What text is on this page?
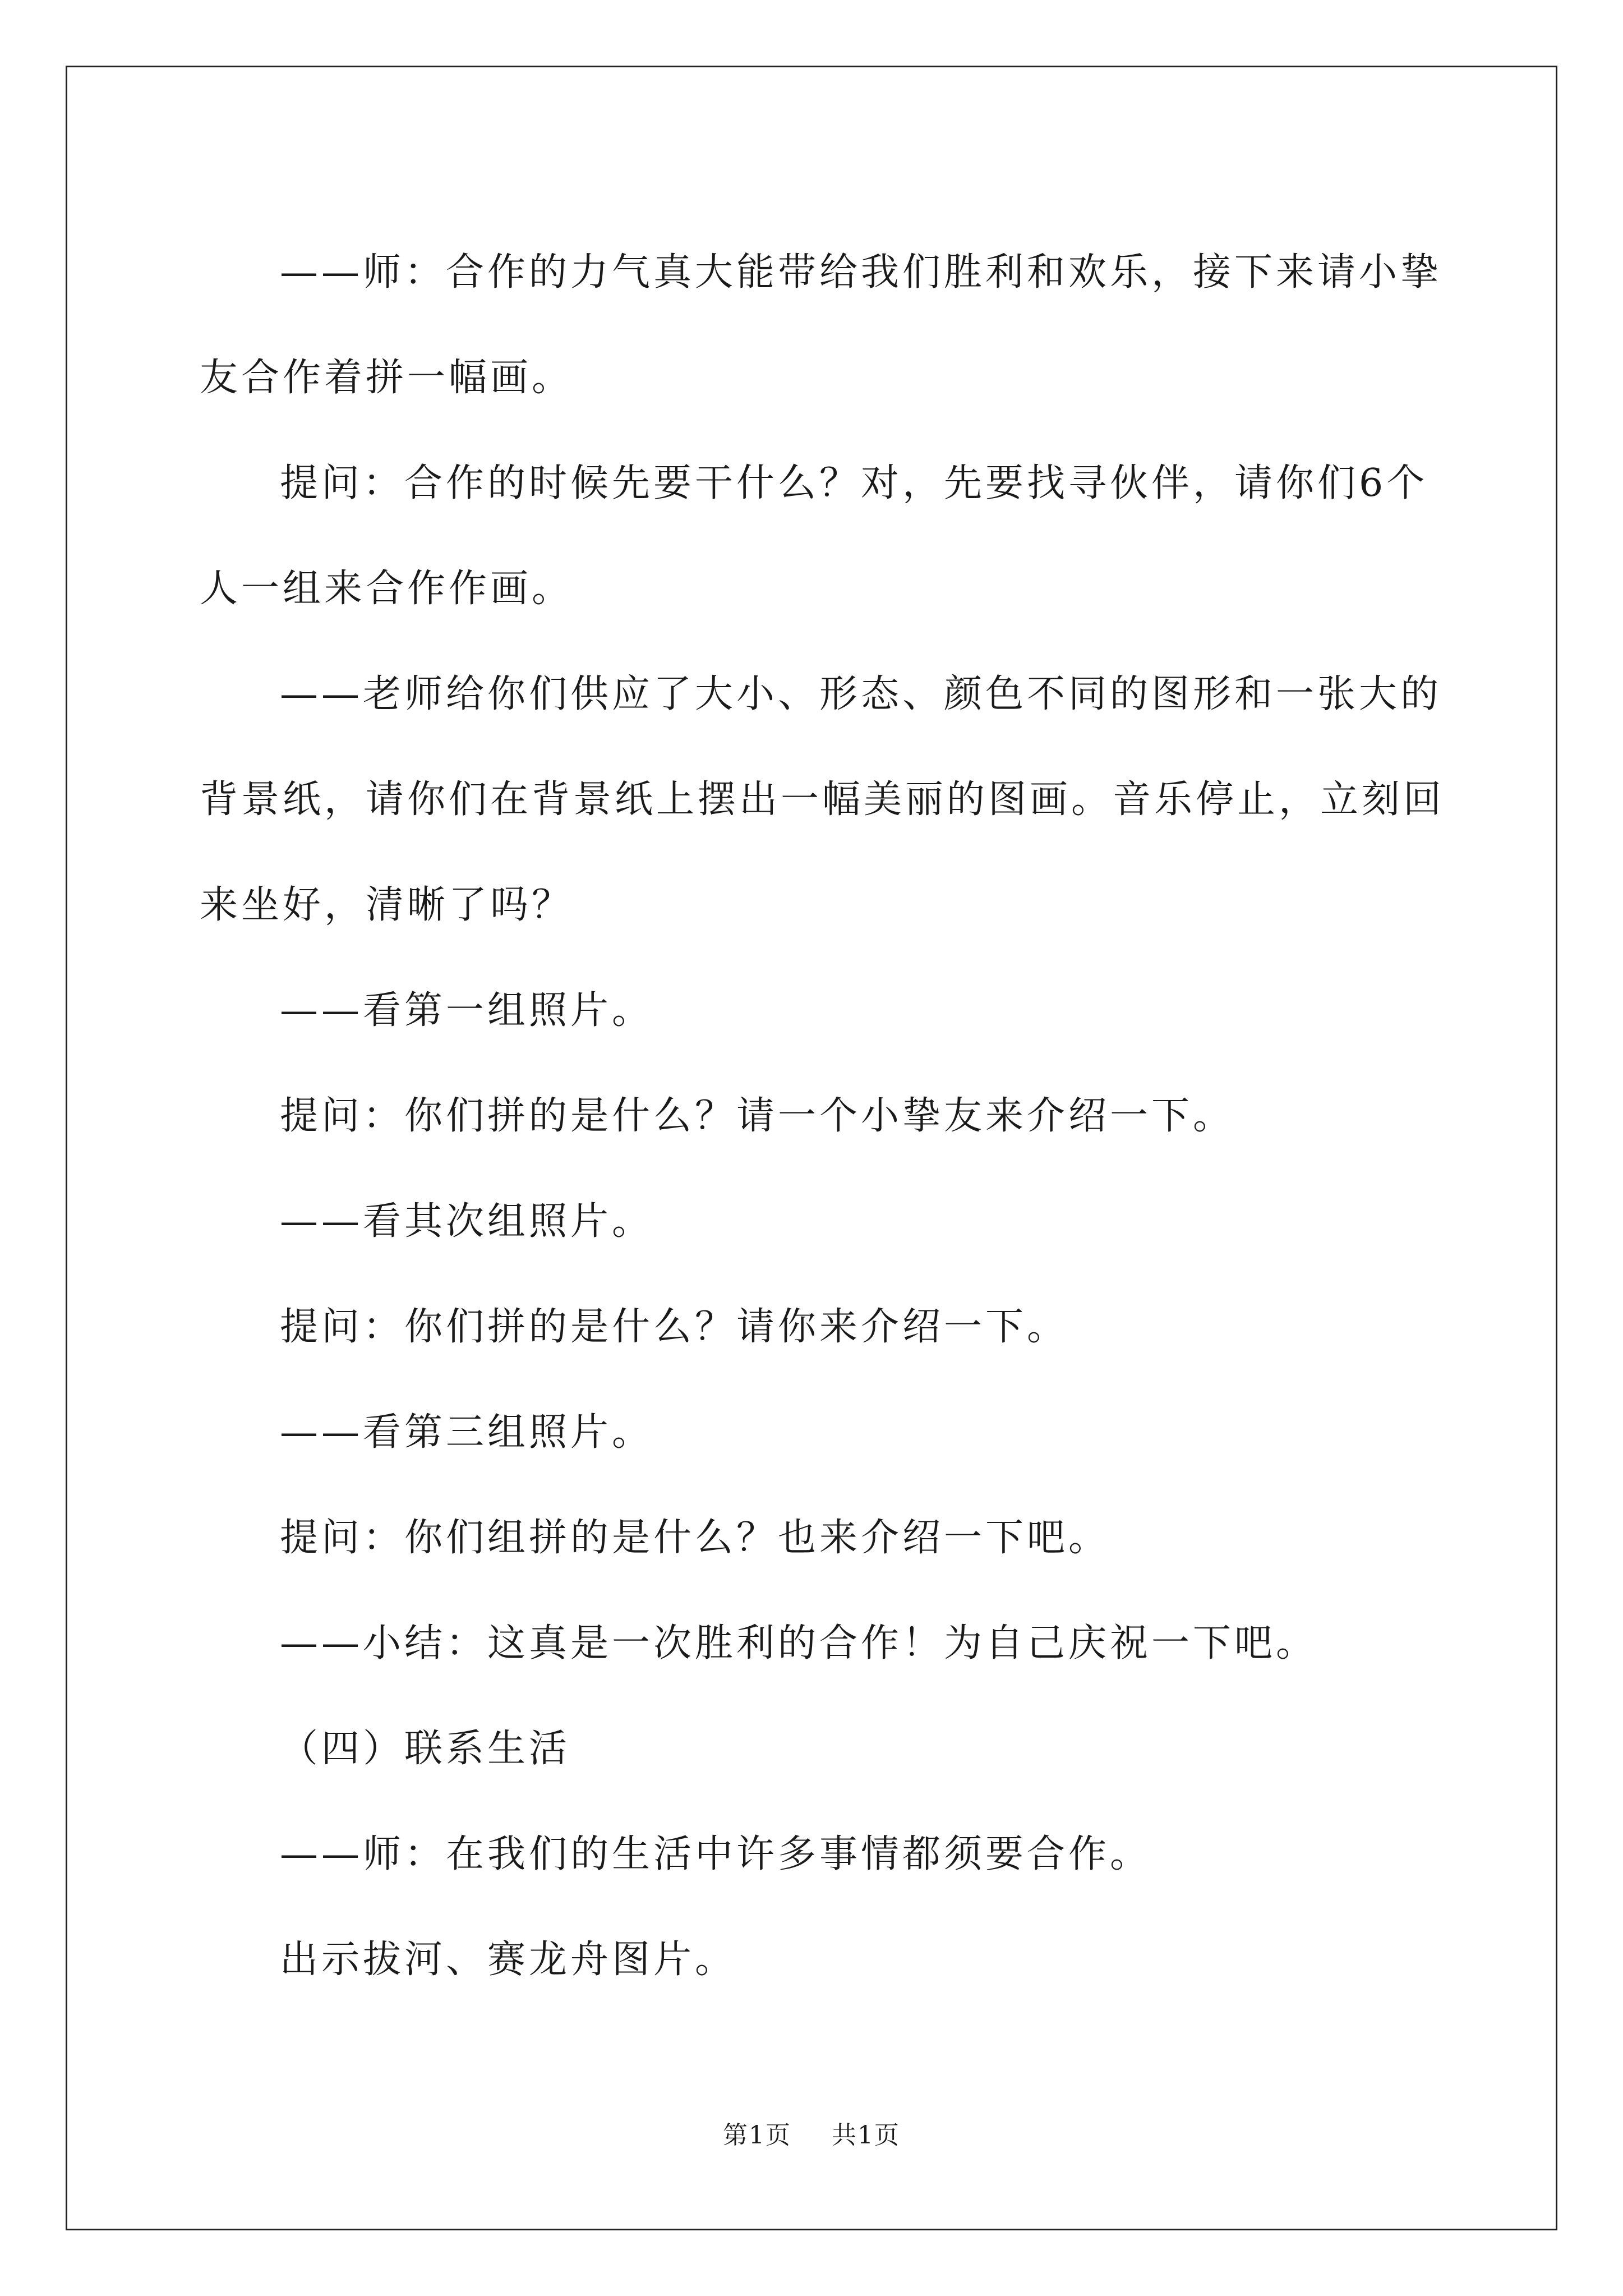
——师：合作的力气真大能带给我们胜利和欢乐，接下来请小挚

友合作着拼一幅画。

提问：合作的时候先要干什么？对，先要找寻伙伴，请你们6个

人一组来合作作画。

——老师给你们供应了大小、形态、颜色不同的图形和一张大的

背景纸，请你们在背景纸上摆出一幅美丽的图画。音乐停止，立刻回

来坐好，清晰了吗？

——看第一组照片。

提问：你们拼的是什么？请一个小挚友来介绍一下。

——看其次组照片。

提问：你们拼的是什么？请你来介绍一下。

——看第三组照片。

提问：你们组拼的是什么？也来介绍一下吧。

——小结：这真是一次胜利的合作！为自己庆祝一下吧。

（四）联系生活

——师：在我们的生活中许多事情都须要合作。

出示拔河、赛龙舟图片。

第1页 共1页
